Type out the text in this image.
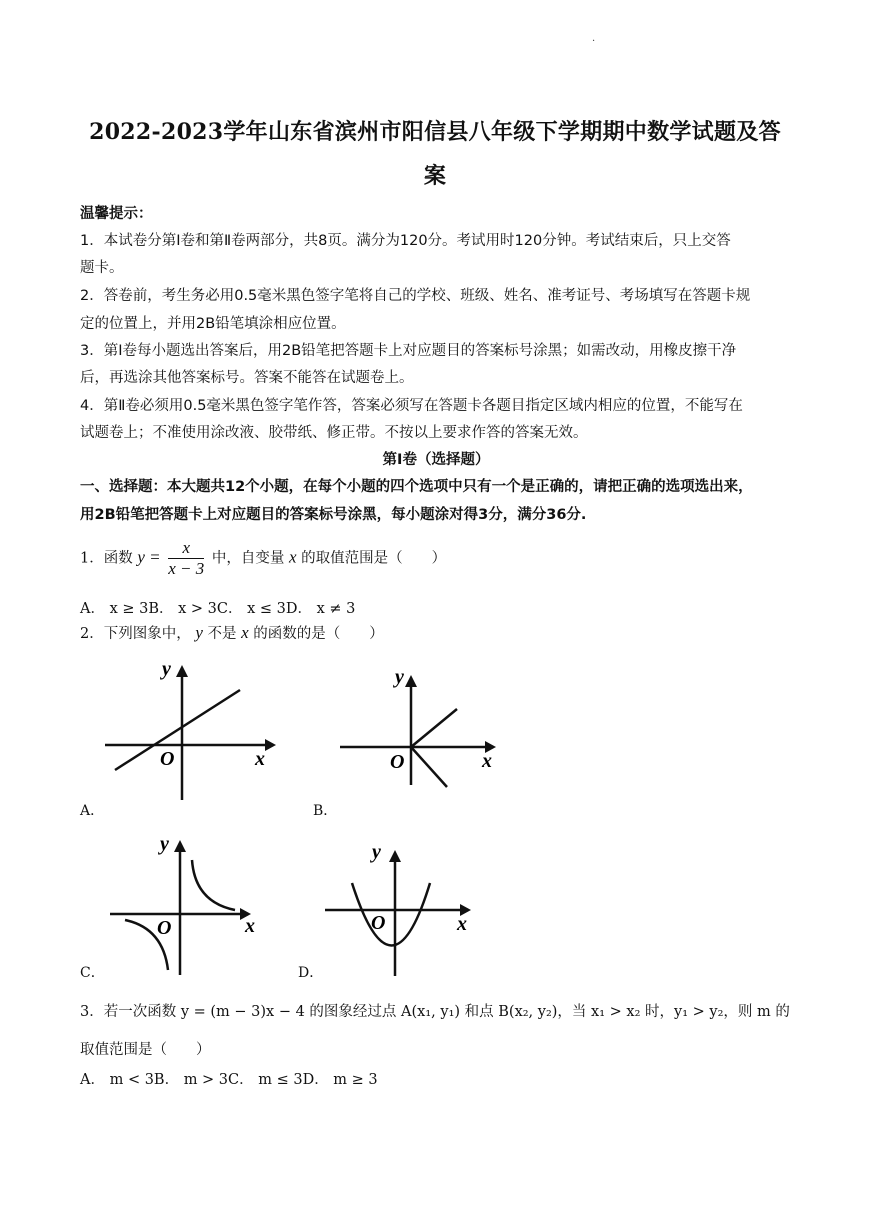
·
2022-2023学年山东省滨州市阳信县八年级下学期期中数学试题及答
案
温馨提示：
1．本试卷分第Ⅰ卷和第Ⅱ卷两部分，共8页。满分为120分。考试用时120分钟。考试结束后，只上交答
题卡。
2．答卷前，考生务必用0.5毫米黑色签字笔将自己的学校、班级、姓名、准考证号、考场填写在答题卡规
定的位置上，并用2B铅笔填涂相应位置。
3．第Ⅰ卷每小题选出答案后，用2B铅笔把答题卡上对应题目的答案标号涂黑；如需改动，用橡皮擦干净
后，再选涂其他答案标号。答案不能答在试题卷上。
4．第Ⅱ卷必须用0.5毫米黑色签字笔作答，答案必须写在答题卡各题目指定区域内相应的位置，不能写在
试题卷上；不准使用涂改液、胶带纸、修正带。不按以上要求作答的答案无效。
第Ⅰ卷（选择题）
一、选择题：本大题共12个小题，在每个小题的四个选项中只有一个是正确的，请把正确的选项选出来，
用2B铅笔把答题卡上对应题目的答案标号涂黑，每小题涂对得3分，满分36分.
1．函数 $y = \frac{x}{x - 3}$ 中，自变量 x 的取值范围是（　　）
A． x ≥ 3B． x > 3C． x ≤ 3D． x ≠ 3
2．下列图象中， y 不是 x 的函数的是（　　）
O	x
y
A．
O	x
y
B．
O	x
y
C．
O	x
y
D．
3．若一次函数 y = (m − 3)x − 4 的图象经过点 A(x₁, y₁) 和点 B(x₂, y₂)，当 x₁ > x₂ 时，y₁ > y₂，则 m 的
取值范围是（　　）
A． m < 3B． m > 3C． m ≤ 3D． m ≥ 3
